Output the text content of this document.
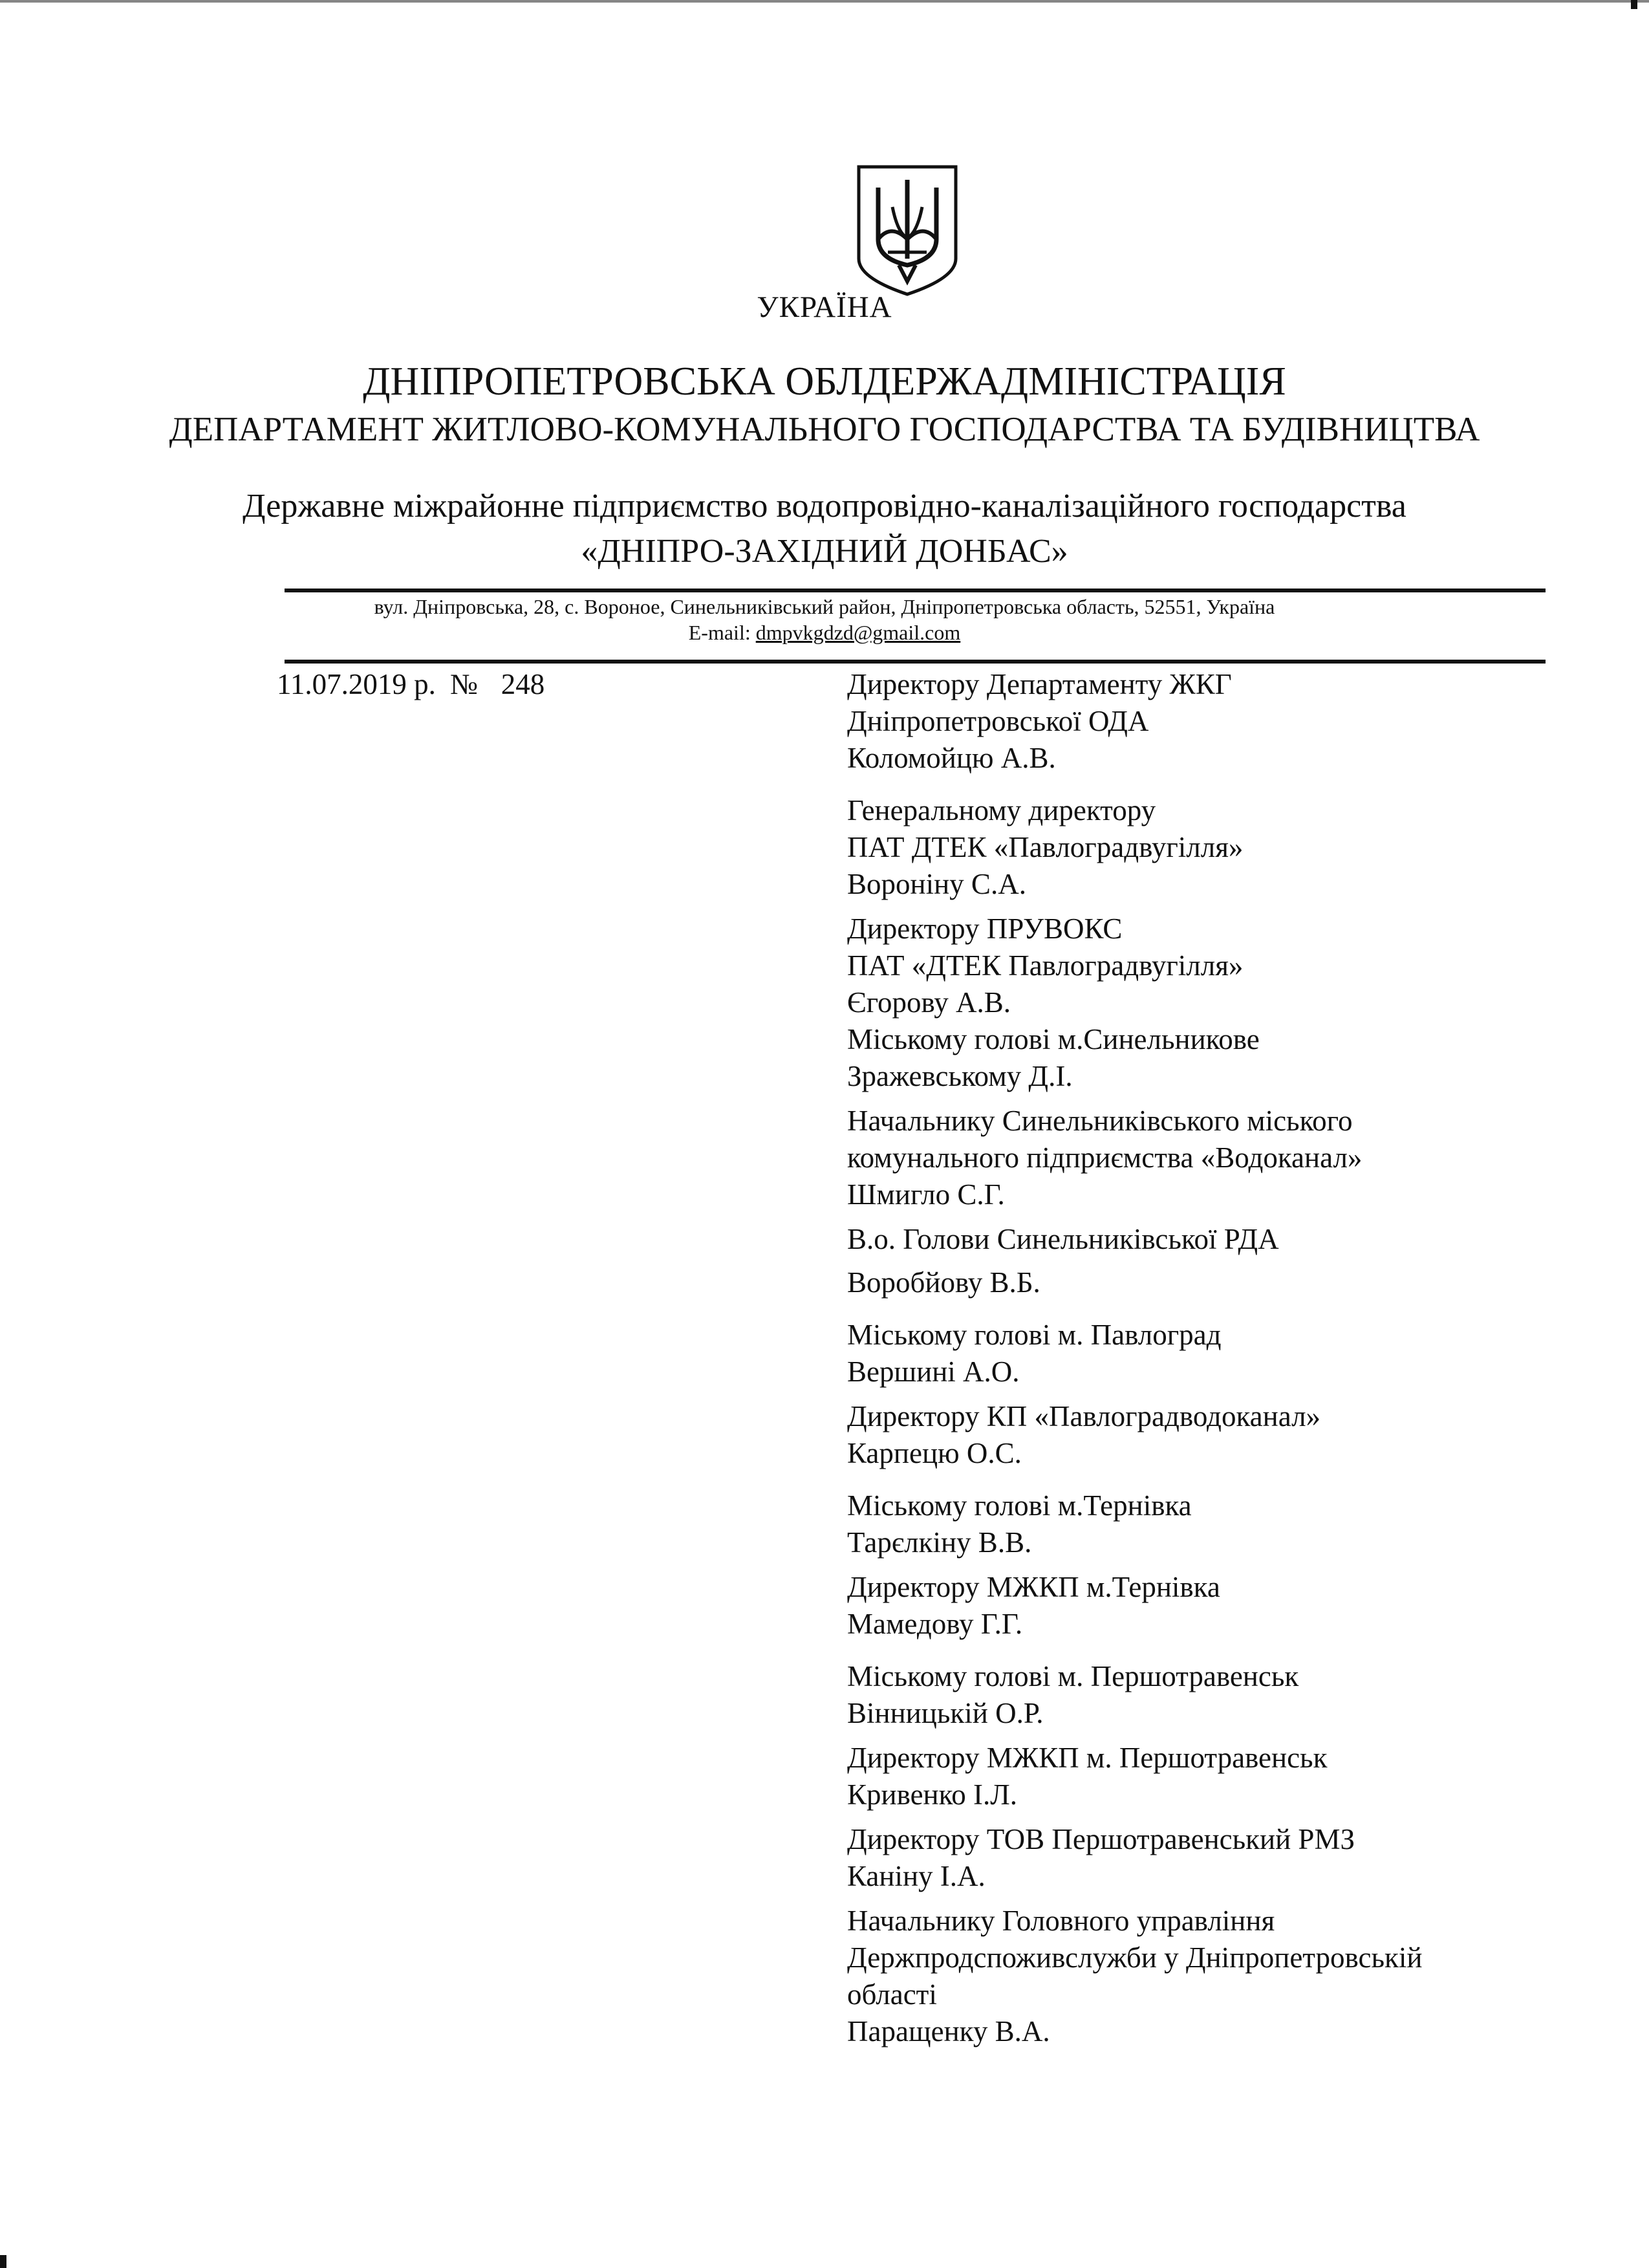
УКРАЇНА
ДНІПРОПЕТРОВСЬКА ОБЛДЕРЖАДМІНІСТРАЦІЯ
ДЕПАРТАМЕНТ ЖИТЛОВО-КОМУНАЛЬНОГО ГОСПОДАРСТВА ТА БУДІВНИЦТВА
Державне міжрайонне підприємство водопровідно-каналізаційного господарства
«ДНІПРО-ЗАХІДНИЙ ДОНБАС»
вул. Дніпровська, 28, с. Вороное, Синельниківський район, Дніпропетровська область, 52551, Україна
E-mail: dmpvkgdzd@gmail.com
11.07.2019 р. № 248	Директору Департаменту ЖКГ
Дніпропетровської ОДА
Коломойцю А.В.
Генеральному директору
ПАТ ДТЕК «Павлоградвугілля»
Вороніну С.А.
Директору ПРУВОКС
ПАТ «ДТЕК Павлоградвугілля»
Єгорову А.В.
Міському голові м.Синельникове
Зражевському Д.І.
Начальнику Синельниківського міського
комунального підприємства «Водоканал»
Шмигло С.Г.
В.о. Голови Синельниківської РДА
Воробйову В.Б.
Міському голові м. Павлоград
Вершині А.О.
Директору КП «Павлоградводоканал»
Карпецю О.С.
Міському голові м.Тернівка
Тарєлкіну В.В.
Директору МЖКП м.Тернівка
Мамедову Г.Г.
Міському голові м. Першотравенськ
Вінницькій О.Р.
Директору МЖКП м. Першотравенськ
Кривенко І.Л.
Директору ТОВ Першотравенський РМЗ
Каніну І.А.
Начальнику Головного управління
Держпродспоживслужби у Дніпропетровській
області
Паращенку В.А.
